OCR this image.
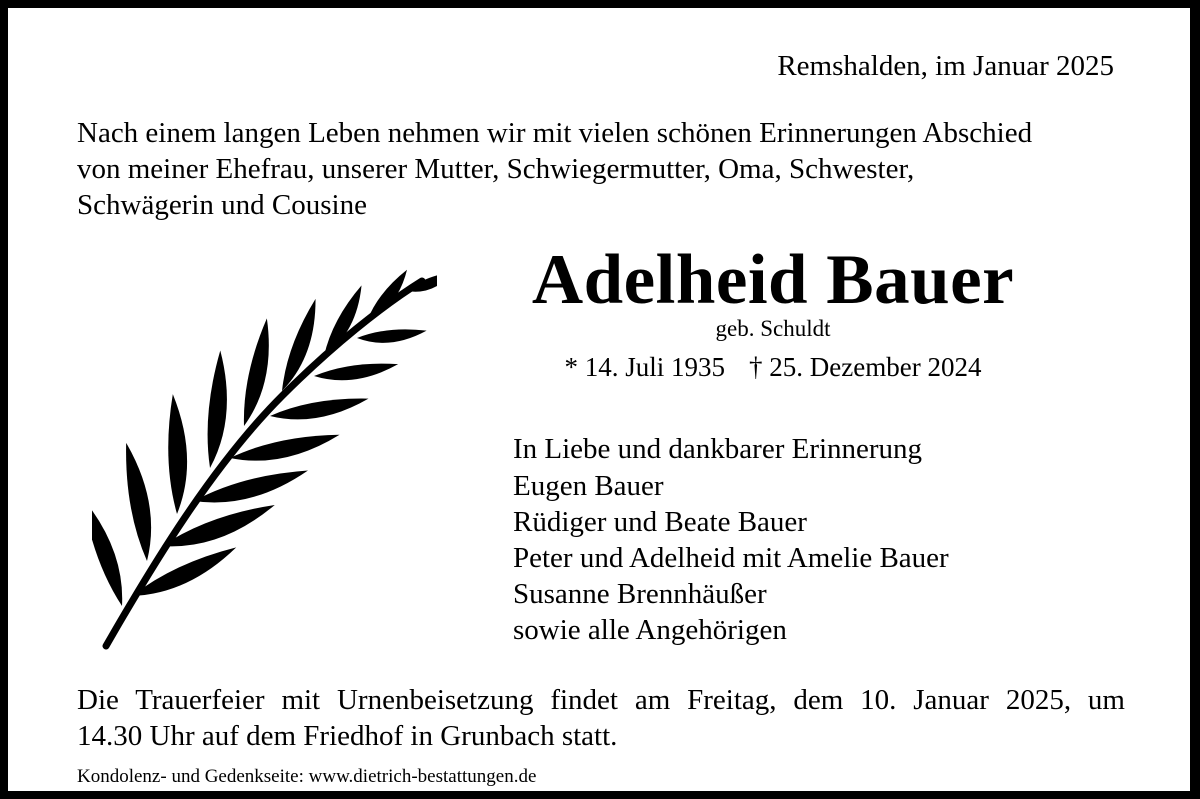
Remshalden, im Januar 2025
Nach einem langen Leben nehmen wir mit vielen schönen Erinnerungen Abschied
von meiner Ehefrau, unserer Mutter, Schwiegermutter, Oma, Schwester,
Schwägerin und Cousine
Adelheid Bauer
geb. Schuldt
* 14. Juli 1935 † 25. Dezember 2024
In Liebe und dankbarer Erinnerung
Eugen Bauer
Rüdiger und Beate Bauer
Peter und Adelheid mit Amelie Bauer
Susanne Brennhäußer
sowie alle Angehörigen
Die Trauerfeier mit Urnenbeisetzung findet am Freitag, dem 10. Januar 2025, um
14.30 Uhr auf dem Friedhof in Grunbach statt.
Kondolenz- und Gedenkseite: www.dietrich-bestattungen.de
